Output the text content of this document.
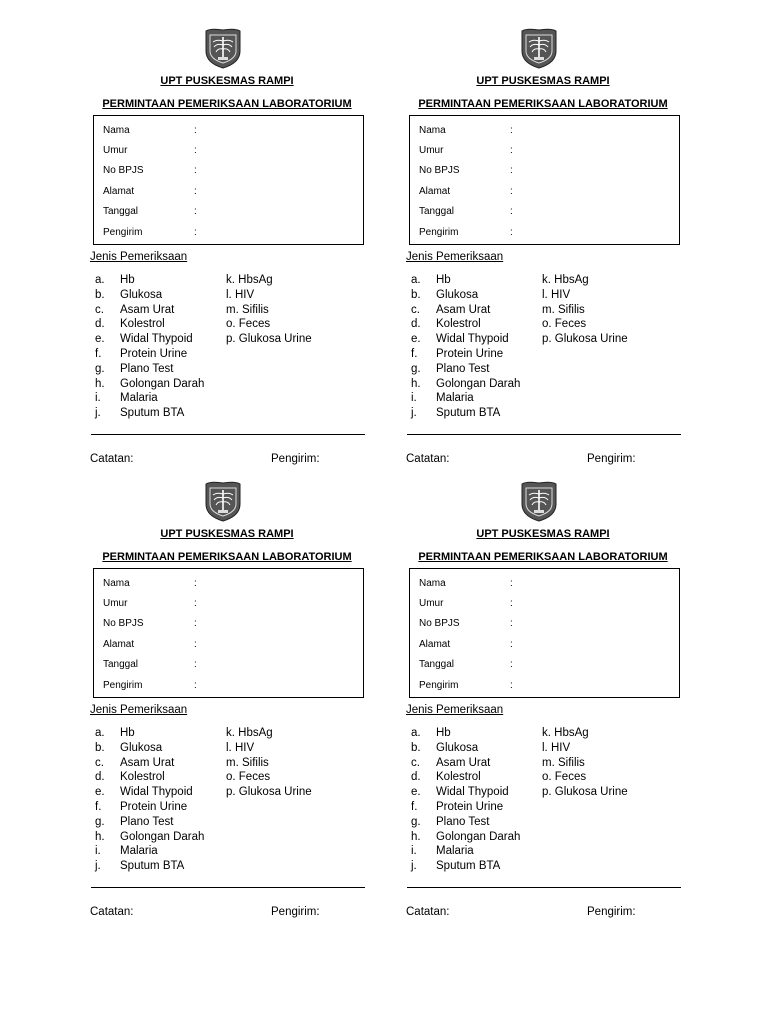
UPT PUSKESMAS RAMPI
PERMINTAAN PEMERIKSAAN LABORATORIUM
Nama	:
Umur	:
No BPJS	:
Alamat	:
Tanggal	:
Pengirim	:
Jenis Pemeriksaan
Catatan:	Pengirim:
a. Hb
b. Glukosa
c. Asam Urat
d. Kolestrol
e. Widal Thypoid
f. Protein Urine
g. Plano Test
h. Golongan Darah
i. Malaria
j. Sputum BTA
k. HbsAg
l. HIV
m. Sifilis
o. Feces
p. Glukosa Urine
UPT PUSKESMAS RAMPI
PERMINTAAN PEMERIKSAAN LABORATORIUM
Nama	:
Umur	:
No BPJS	:
Alamat	:
Tanggal	:
Pengirim	:
Jenis Pemeriksaan
Catatan:	Pengirim:
a. Hb
b. Glukosa
c. Asam Urat
d. Kolestrol
e. Widal Thypoid
f. Protein Urine
g. Plano Test
h. Golongan Darah
i. Malaria
j. Sputum BTA
k. HbsAg
l. HIV
m. Sifilis
o. Feces
p. Glukosa Urine
UPT PUSKESMAS RAMPI
PERMINTAAN PEMERIKSAAN LABORATORIUM
Nama	:
Umur	:
No BPJS	:
Alamat	:
Tanggal	:
Pengirim	:
Jenis Pemeriksaan
Catatan:	Pengirim:
a. Hb
b. Glukosa
c. Asam Urat
d. Kolestrol
e. Widal Thypoid
f. Protein Urine
g. Plano Test
h. Golongan Darah
i. Malaria
j. Sputum BTA
k. HbsAg
l. HIV
m. Sifilis
o. Feces
p. Glukosa Urine
UPT PUSKESMAS RAMPI
PERMINTAAN PEMERIKSAAN LABORATORIUM
Nama	:
Umur	:
No BPJS	:
Alamat	:
Tanggal	:
Pengirim	:
Jenis Pemeriksaan
Catatan:	Pengirim:
a. Hb
b. Glukosa
c. Asam Urat
d. Kolestrol
e. Widal Thypoid
f. Protein Urine
g. Plano Test
h. Golongan Darah
i. Malaria
j. Sputum BTA
k. HbsAg
l. HIV
m. Sifilis
o. Feces
p. Glukosa Urine
